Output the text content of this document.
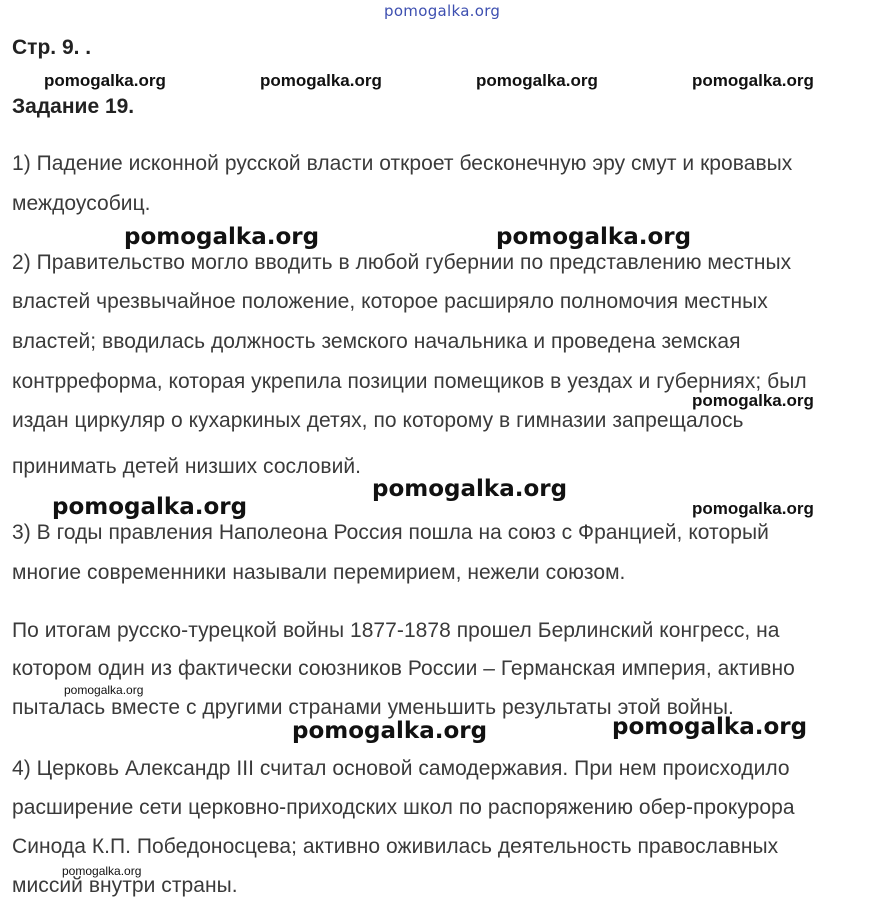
pomogalka.org
Стр. 9. .
pomogalka.org	pomogalka.org	pomogalka.org	pomogalka.org
Задание 19.
1) Падение исконной русской власти откроет бесконечную эру смут и кровавых
междоусобиц.
pomogalka.org	pomogalka.org
2) Правительство могло вводить в любой губернии по представлению местных
властей чрезвычайное положение, которое расширяло полномочия местных
властей; вводилась должность земского начальника и проведена земская
контрреформа, которая укрепила позиции помещиков в уездах и губерниях; был
pomogalka.org
издан циркуляр о кухаркиных детях, по которому в гимназии запрещалось
принимать детей низших сословий.
pomogalka.org
pomogalka.org	pomogalka.org
3) В годы правления Наполеона Россия пошла на союз с Францией, который
многие современники называли перемирием, нежели союзом.
По итогам русско-турецкой войны 1877-1878 прошел Берлинский конгресс, на
котором один из фактически союзников России – Германская империя, активно
pomogalka.org
пыталась вместе с другими странами уменьшить результаты этой войны.
pomogalka.org
pomogalka.org
4) Церковь Александр III считал основой самодержавия. При нем происходило
расширение сети церковно-приходских школ по распоряжению обер-прокурора
Синода К.П. Победоносцева; активно оживилась деятельность православных
pomogalka.org
миссий внутри страны.
